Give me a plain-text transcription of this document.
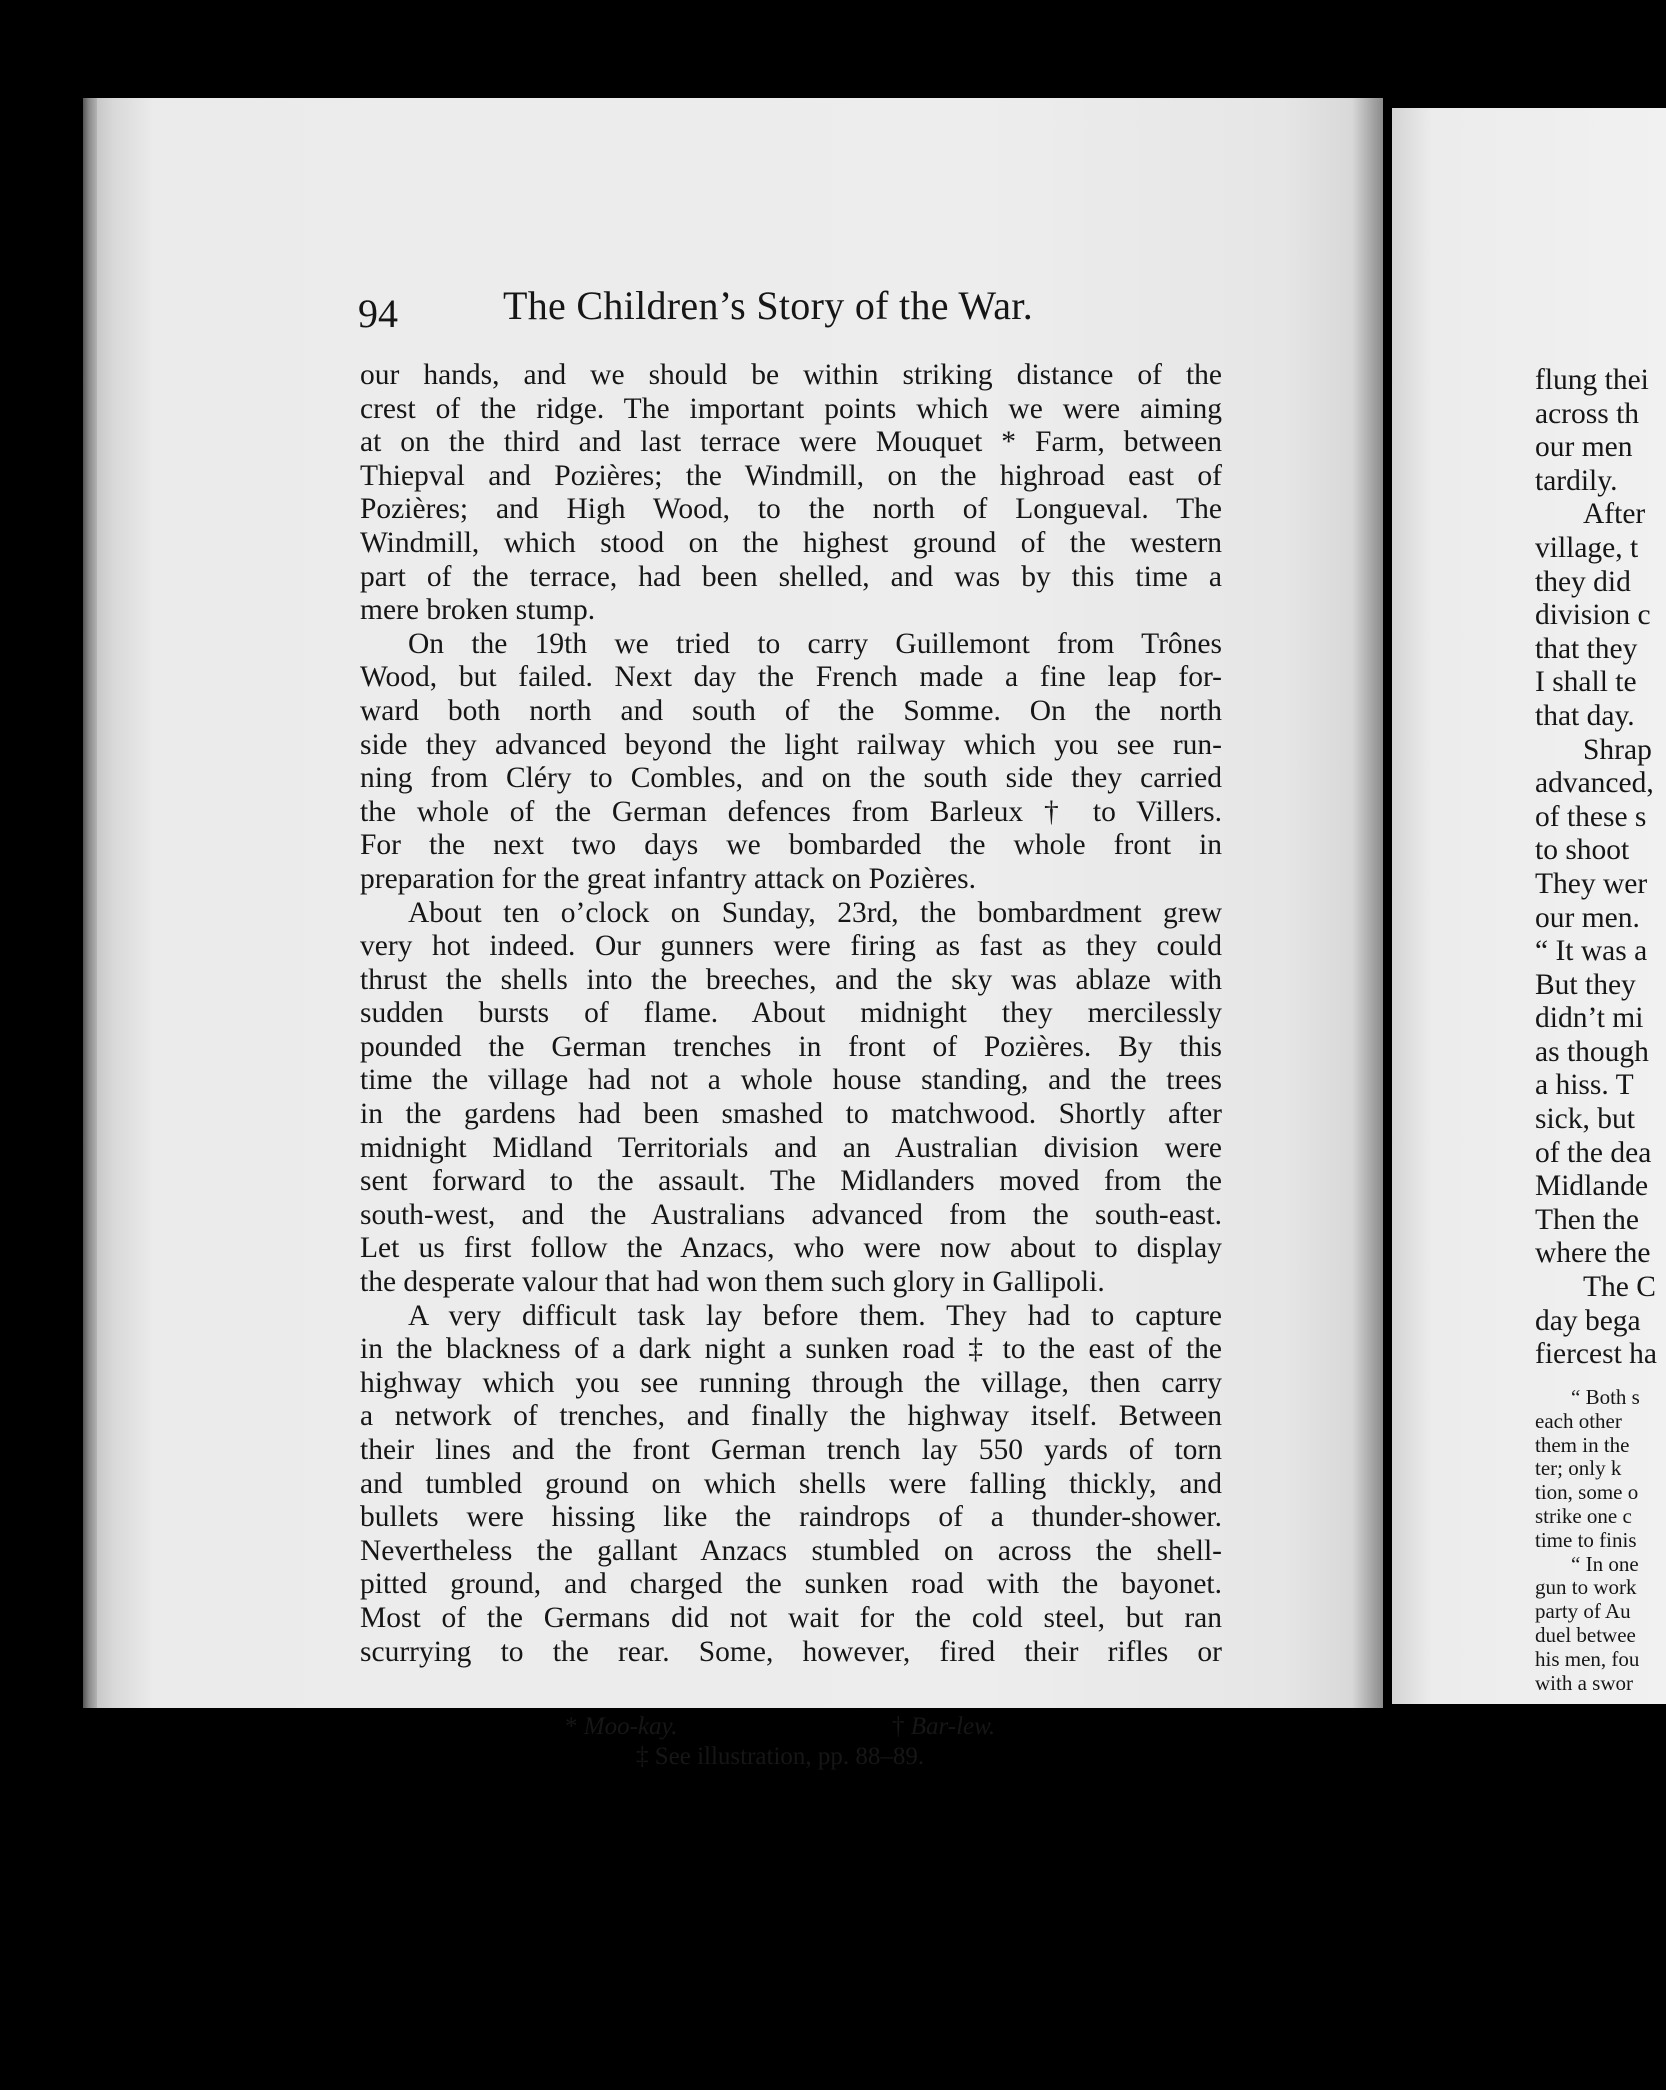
94	The Children’s Story of the War.
our hands, and we should be within striking distance of the
crest of the ridge. The important points which we were aiming
at on the third and last terrace were Mouquet * Farm, between
Thiepval and Pozières; the Windmill, on the highroad east of
Pozières; and High Wood, to the north of Longueval. The
Windmill, which stood on the highest ground of the western
part of the terrace, had been shelled, and was by this time a
mere broken stump.
On the 19th we tried to carry Guillemont from Trônes
Wood, but failed. Next day the French made a fine leap for-
ward both north and south of the Somme. On the north
side they advanced beyond the light railway which you see run-
ning from Cléry to Combles, and on the south side they carried
the whole of the German defences from Barleux † to Villers.
For the next two days we bombarded the whole front in
preparation for the great infantry attack on Pozières.
About ten o’clock on Sunday, 23rd, the bombardment grew
very hot indeed. Our gunners were firing as fast as they could
thrust the shells into the breeches, and the sky was ablaze with
sudden bursts of flame. About midnight they mercilessly
pounded the German trenches in front of Pozières. By this
time the village had not a whole house standing, and the trees
in the gardens had been smashed to matchwood. Shortly after
midnight Midland Territorials and an Australian division were
sent forward to the assault. The Midlanders moved from the
south-west, and the Australians advanced from the south-east.
Let us first follow the Anzacs, who were now about to display
the desperate valour that had won them such glory in Gallipoli.
A very difficult task lay before them. They had to capture
in the blackness of a dark night a sunken road ‡ to the east of the
highway which you see running through the village, then carry
a network of trenches, and finally the highway itself. Between
their lines and the front German trench lay 550 yards of torn
and tumbled ground on which shells were falling thickly, and
bullets were hissing like the raindrops of a thunder-shower.
Nevertheless the gallant Anzacs stumbled on across the shell-
pitted ground, and charged the sunken road with the bayonet.
Most of the Germans did not wait for the cold steel, but ran
scurrying to the rear. Some, however, fired their rifles or
* Moo-kay.	† Bar-lew.
‡ See illustration, pp. 88–89.
flung thei
across th
our men
tardily.
After
village, t
they did
division c
that they
I shall te
that day.
Shrap
advanced,
of these s
to shoot
They wer
our men.
“ It was a
But they
didn’t mi
as though
a hiss. T
sick, but
of the dea
Midlande
Then the
where the
The C
day bega
fiercest ha
“ Both s
each other
them in the
ter; only k
tion, some o
strike one c
time to finis
“ In one
gun to work
party of Au
duel betwee
his men, fou
with a swor
